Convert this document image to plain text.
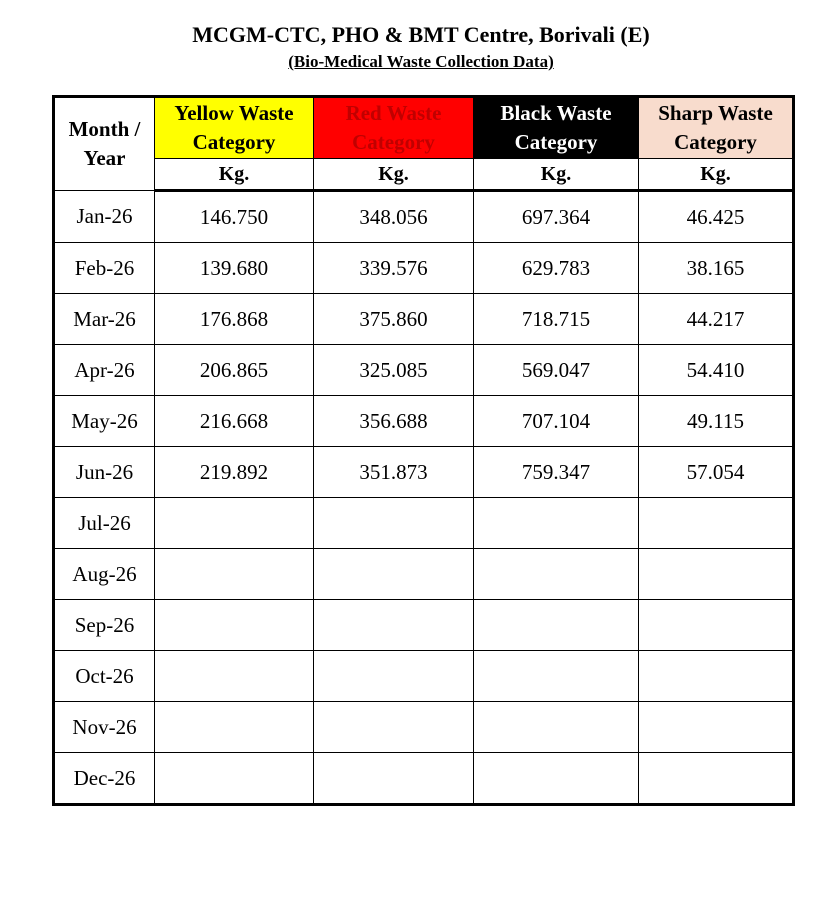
MCGM-CTC, PHO & BMT Centre, Borivali (E)
(Bio-Medical Waste Collection Data)
Month / Year	Yellow Waste Category	Red Waste Category	Black Waste Category	Sharp Waste Category
	Kg.	Kg.	Kg.	Kg.
Jan-26	146.750	348.056	697.364	46.425
Feb-26	139.680	339.576	629.783	38.165
Mar-26	176.868	375.860	718.715	44.217
Apr-26	206.865	325.085	569.047	54.410
May-26	216.668	356.688	707.104	49.115
Jun-26	219.892	351.873	759.347	57.054
Jul-26				
Aug-26				
Sep-26				
Oct-26				
Nov-26				
Dec-26				
